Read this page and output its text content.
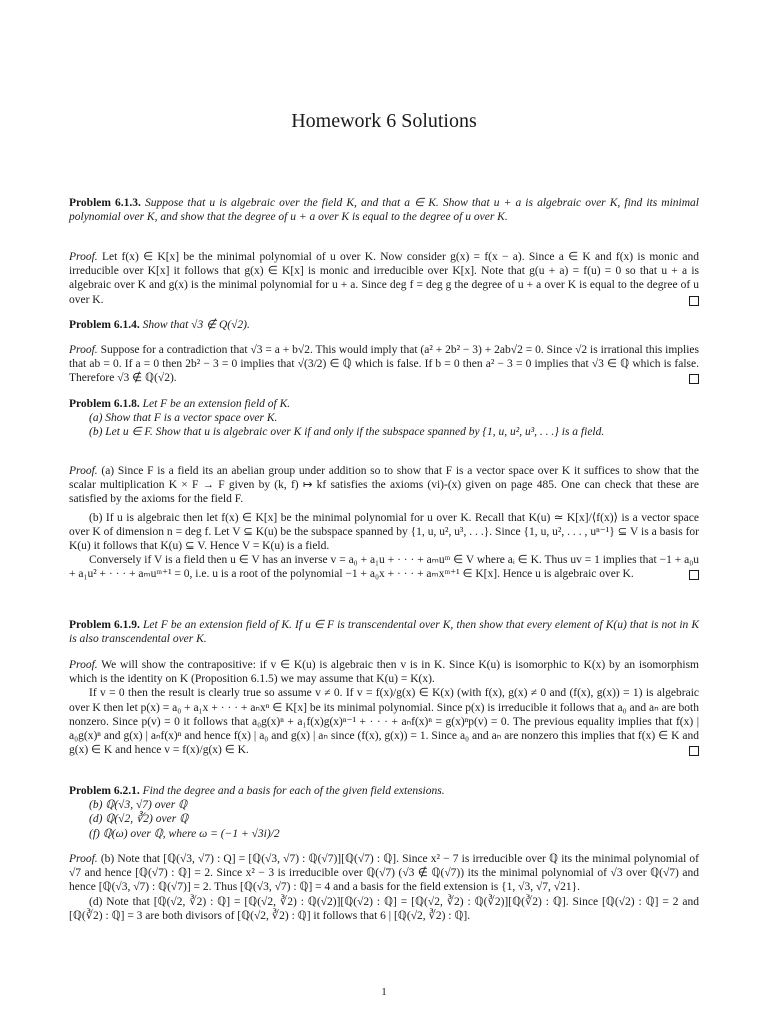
Homework 6 Solutions

Problem 6.1.3. Suppose that u is algebraic over the field K, and that a ∈ K. Show that u + a is algebraic over K, find its minimal polynomial over K, and show that the degree of u + a over K is equal to the degree of u over K.

Proof. Let f(x) ∈ K[x] be the minimal polynomial of u over K. Now consider g(x) = f(x − a). Since a ∈ K and f(x) is monic and irreducible over K[x] it follows that g(x) ∈ K[x] is monic and irreducible over K[x]. Note that g(u + a) = f(u) = 0 so that u + a is algebraic over K and g(x) is the minimal polynomial for u + a. Since deg f = deg g the degree of u + a over K is equal to the degree of u over K.

Problem 6.1.4. Show that √3 ∉ Q(√2).

Proof. Suppose for a contradiction that √3 = a + b√2. This would imply that (a² + 2b² − 3) + 2ab√2 = 0. Since √2 is irrational this implies that ab = 0. If a = 0 then 2b² − 3 = 0 implies that √(3/2) ∈ ℚ which is false. If b = 0 then a² − 3 = 0 implies that √3 ∈ ℚ which is false. Therefore √3 ∉ ℚ(√2).

Problem 6.1.8. Let F be an extension field of K.

(a) Show that F is a vector space over K.

(b) Let u ∈ F. Show that u is algebraic over K if and only if the subspace spanned by {1, u, u², u³, . . .} is a field.

Proof. (a) Since F is a field its an abelian group under addition so to show that F is a vector space over K it suffices to show that the scalar multiplication K × F → F given by (k, f) ↦ kf satisfies the axioms (vi)-(x) given on page 485. One can check that these are satisfied by the axioms for the field F.

(b) If u is algebraic then let f(x) ∈ K[x] be the minimal polynomial for u over K. Recall that K(u) ≃ K[x]/⟨f(x)⟩ is a vector space over K of dimension n = deg f. Let V ⊆ K(u) be the subspace spanned by {1, u, u², u³, . . .}. Since {1, u, u², . . . , uⁿ⁻¹} ⊆ V is a basis for K(u) it follows that K(u) ⊆ V. Hence V = K(u) is a field.

Conversely if V is a field then u ∈ V has an inverse v = a₀ + a₁u + · · · + aₘuᵐ ∈ V where aᵢ ∈ K. Thus uv = 1 implies that −1 + a₀u + a₁u² + · · · + aₘuᵐ⁺¹ = 0, i.e. u is a root of the polynomial −1 + a₀x + · · · + aₘxᵐ⁺¹ ∈ K[x]. Hence u is algebraic over K.

Problem 6.1.9. Let F be an extension field of K. If u ∈ F is transcendental over K, then show that every element of K(u) that is not in K is also transcendental over K.

Proof. We will show the contrapositive: if v ∈ K(u) is algebraic then v is in K. Since K(u) is isomorphic to K(x) by an isomorphism which is the identity on K (Proposition 6.1.5) we may assume that K(u) = K(x).

If v = 0 then the result is clearly true so assume v ≠ 0. If v = f(x)/g(x) ∈ K(x) (with f(x), g(x) ≠ 0 and (f(x), g(x)) = 1) is algebraic over K then let p(x) = a₀ + a₁x + · · · + aₙxⁿ ∈ K[x] be its minimal polynomial. Since p(x) is irreducible it follows that a₀ and aₙ are both nonzero. Since p(v) = 0 it follows that a₀g(x)ⁿ + a₁f(x)g(x)ⁿ⁻¹ + · · · + aₙf(x)ⁿ = g(x)ⁿp(v) = 0. The previous equality implies that f(x) | a₀g(x)ⁿ and g(x) | aₙf(x)ⁿ and hence f(x) | a₀ and g(x) | aₙ since (f(x), g(x)) = 1. Since a₀ and aₙ are nonzero this implies that f(x) ∈ K and g(x) ∈ K and hence v = f(x)/g(x) ∈ K.

Problem 6.2.1. Find the degree and a basis for each of the given field extensions.

(b) ℚ(√3, √7) over ℚ

(d) ℚ(√2, ∛2) over ℚ

(f) ℚ(ω) over ℚ, where ω = (−1 + √3i)/2

Proof. (b) Note that [ℚ(√3, √7) : Q] = [ℚ(√3, √7) : ℚ(√7)][ℚ(√7) : ℚ]. Since x² − 7 is irreducible over ℚ its the minimal polynomial of √7 and hence [ℚ(√7) : ℚ] = 2. Since x² − 3 is irreducible over ℚ(√7) (√3 ∉ ℚ(√7)) its the minimal polynomial of √3 over ℚ(√7) and hence [ℚ(√3, √7) : ℚ(√7)] = 2. Thus [ℚ(√3, √7) : ℚ] = 4 and a basis for the field extension is {1, √3, √7, √21}.

(d) Note that [ℚ(√2, ∛2) : ℚ] = [ℚ(√2, ∛2) : ℚ(√2)][ℚ(√2) : ℚ] = [ℚ(√2, ∛2) : ℚ(∛2)][ℚ(∛2) : ℚ]. Since [ℚ(√2) : ℚ] = 2 and [ℚ(∛2) : ℚ] = 3 are both divisors of [ℚ(√2, ∛2) : ℚ] it follows that 6 | [ℚ(√2, ∛2) : ℚ].

1
